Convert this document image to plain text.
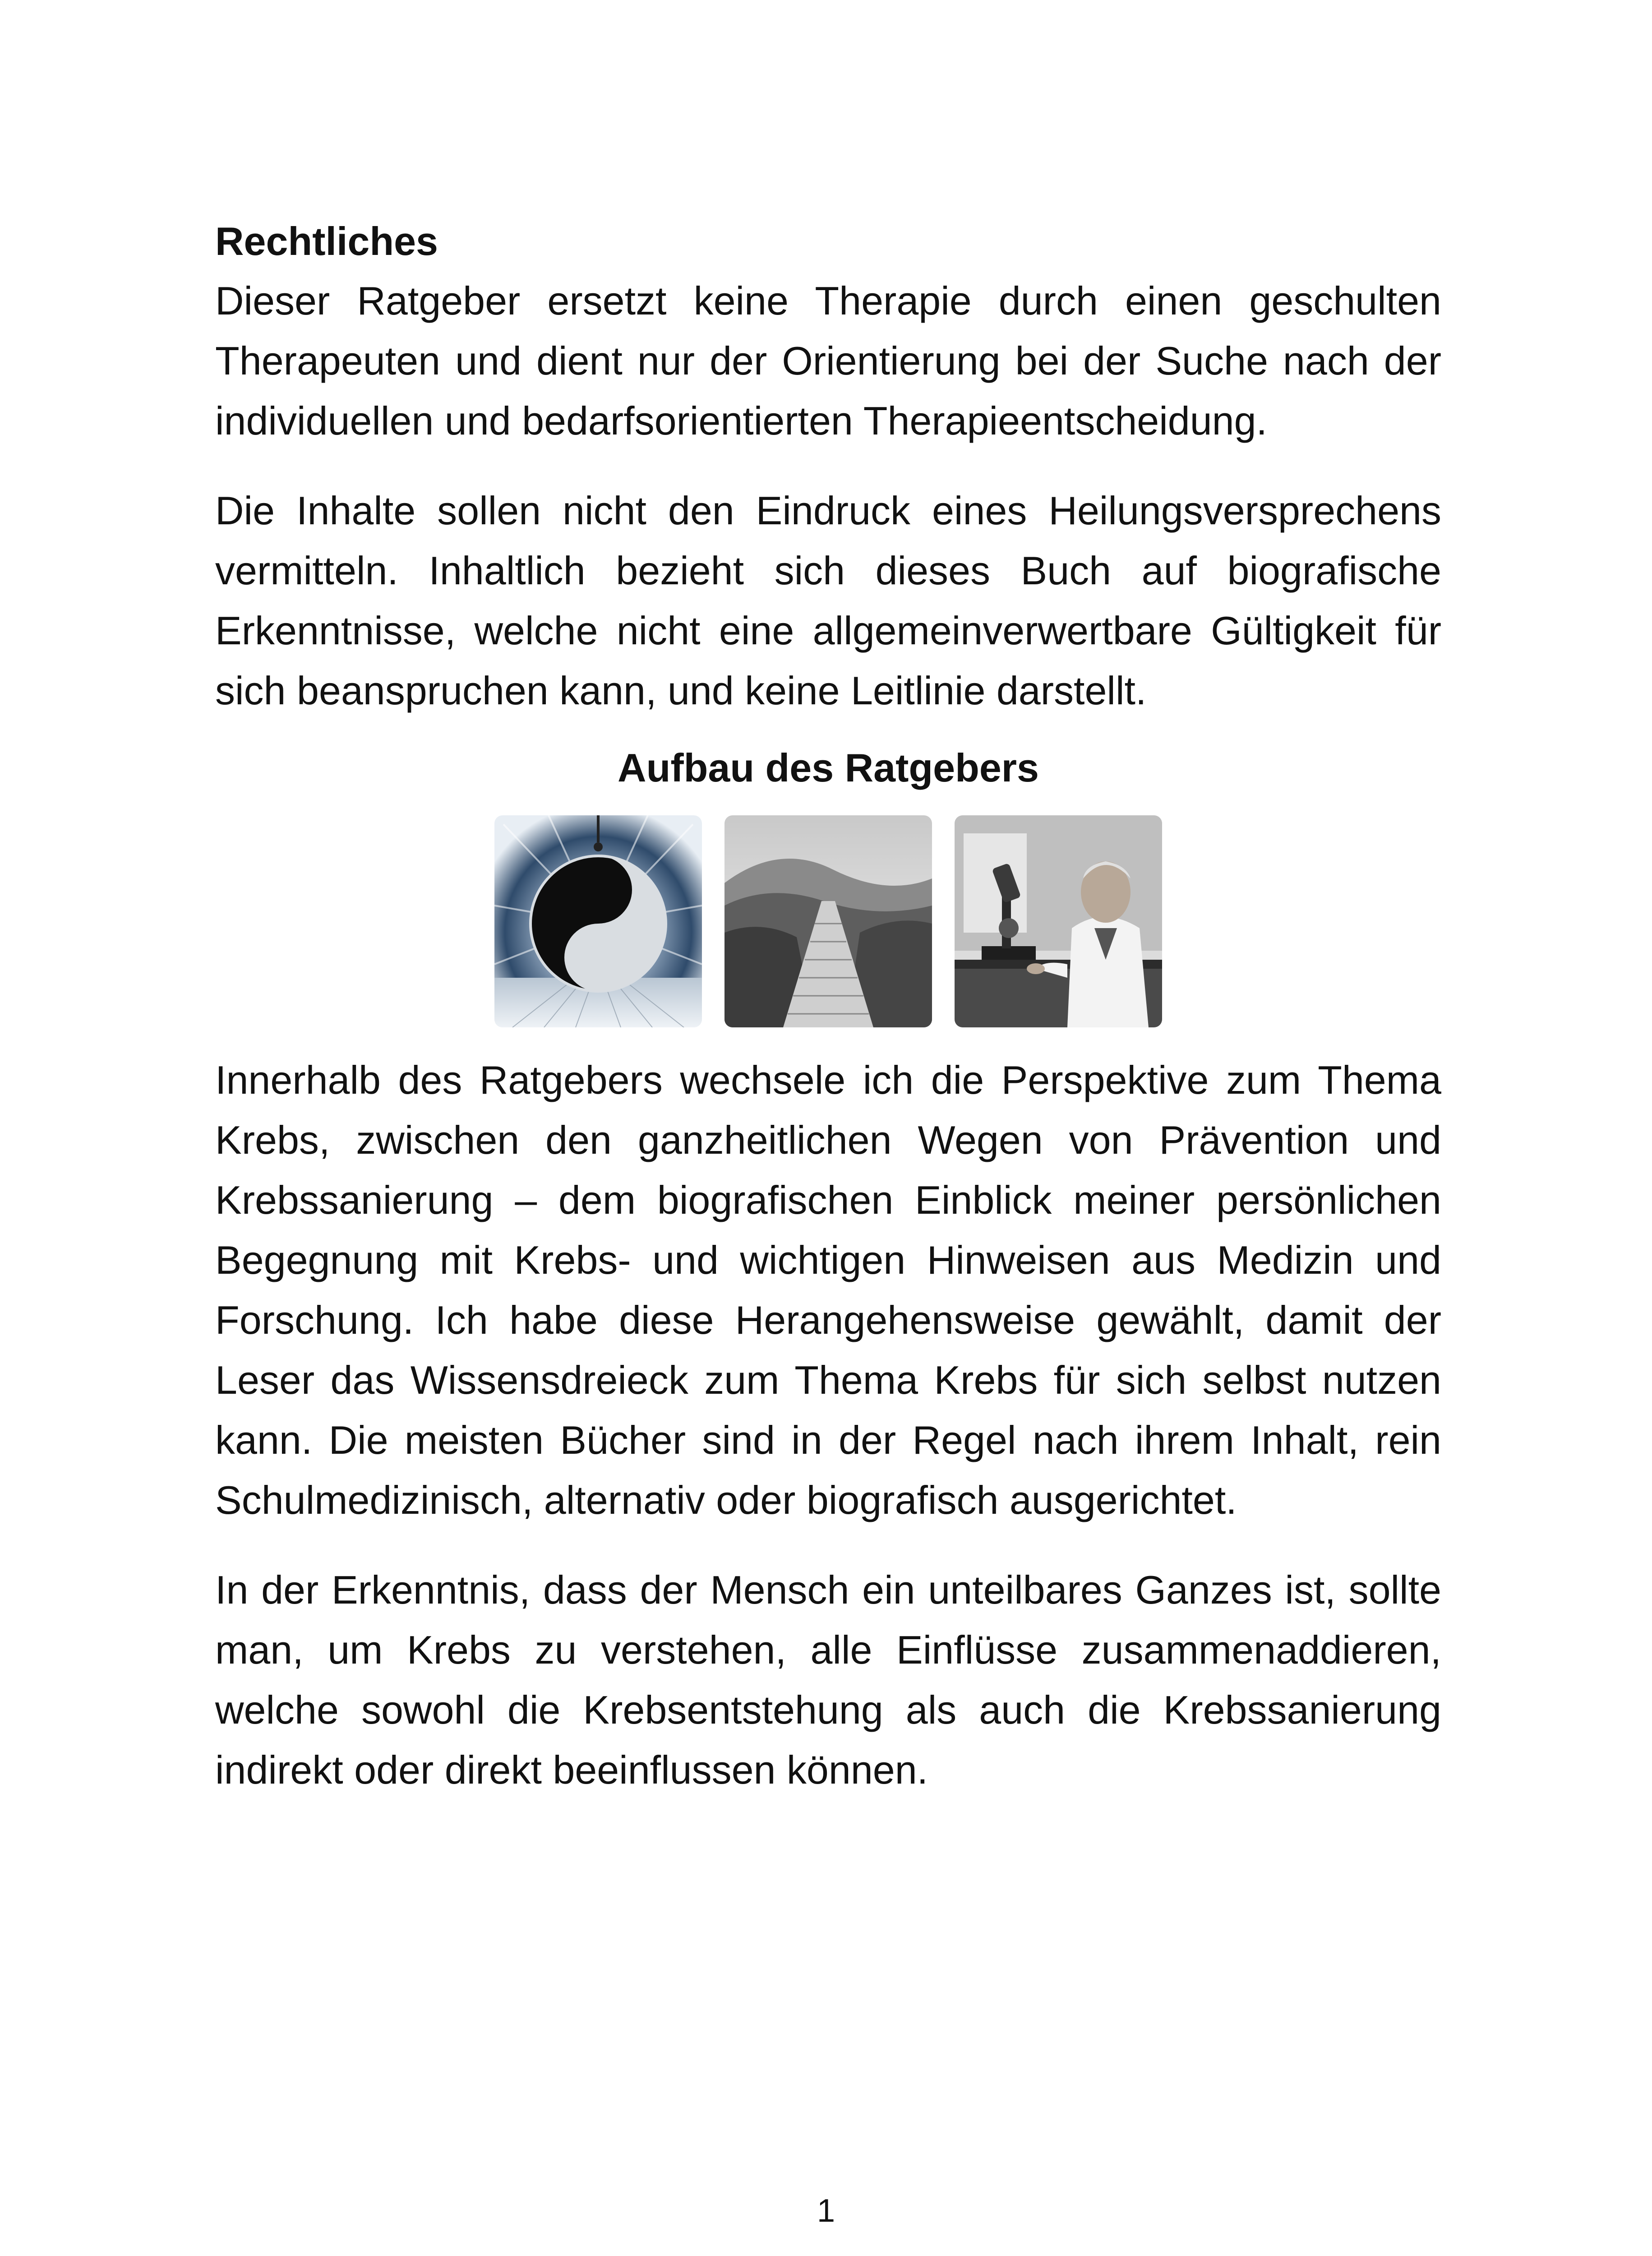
Rechtliches

Dieser Ratgeber ersetzt keine Therapie durch einen geschulten Therapeuten und dient nur der Orientierung bei der Suche nach der individuellen und bedarfsorientierten Therapieentscheidung.

Die Inhalte sollen nicht den Eindruck eines Heilungsversprechens vermitteln. Inhaltlich bezieht sich dieses Buch auf biografische Erkenntnisse, welche nicht eine allgemeinverwertbare Gültigkeit für sich beanspruchen kann, und keine Leitlinie darstellt.

Aufbau des Ratgebers

Innerhalb des Ratgebers wechsele ich die Perspektive zum Thema Krebs, zwischen den ganzheitlichen Wegen von Prävention und Krebssanierung – dem biografischen Einblick meiner persönlichen Begegnung mit Krebs- und wichtigen Hinweisen aus Medizin und Forschung. Ich habe diese Herangehensweise gewählt, damit der Leser das Wissensdreieck zum Thema Krebs für sich selbst nutzen kann. Die meisten Bücher sind in der Regel nach ihrem Inhalt, rein Schulmedizinisch, alternativ oder biografisch ausgerichtet.

In der Erkenntnis, dass der Mensch ein unteilbares Ganzes ist, sollte man, um Krebs zu verstehen, alle Einflüsse zusammenaddieren, welche sowohl die Krebsentstehung als auch die Krebssanierung indirekt oder direkt beeinflussen können.

1
